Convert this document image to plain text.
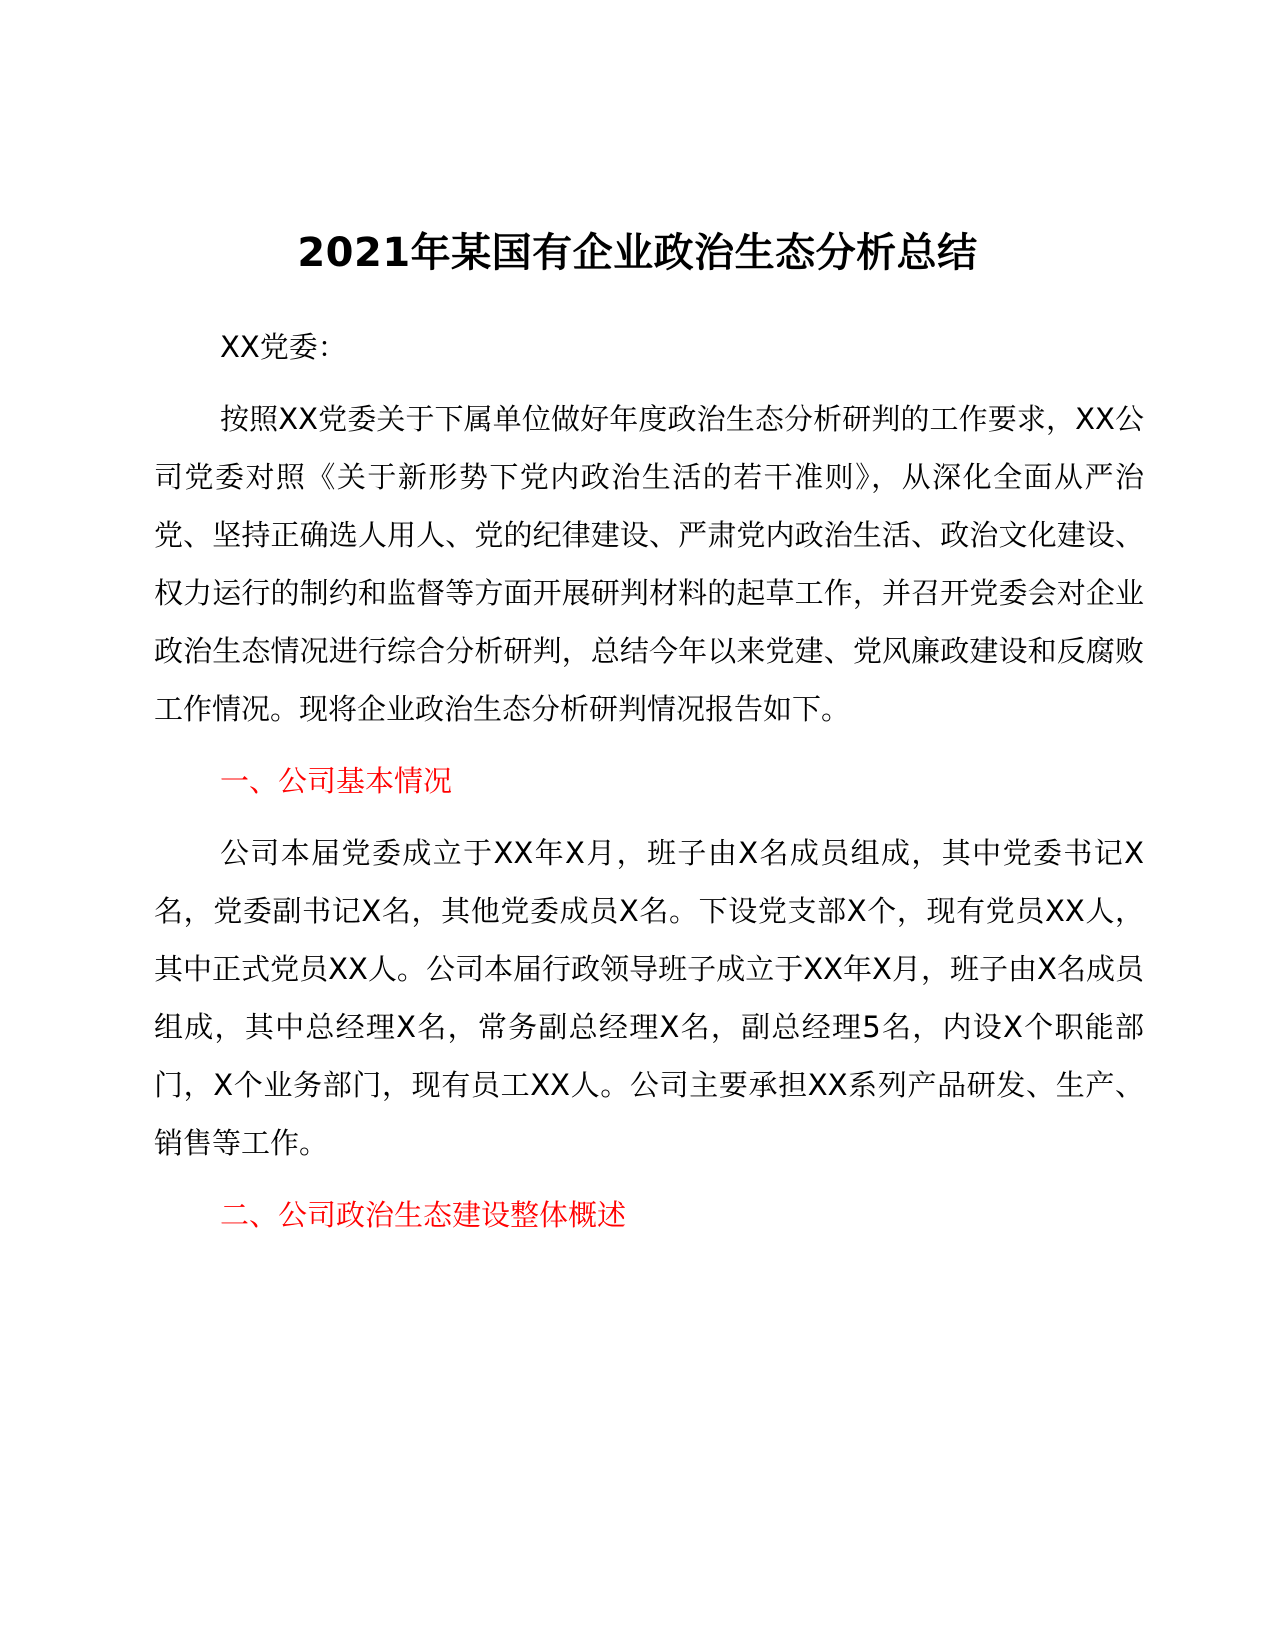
2021年某国有企业政治生态分析总结

XX党委：

按照XX党委关于下属单位做好年度政治生态分析研判的工作要求，XX公司党委对照《关于新形势下党内政治生活的若干准则》，从深化全面从严治党、坚持正确选人用人、党的纪律建设、严肃党内政治生活、政治文化建设、权力运行的制约和监督等方面开展研判材料的起草工作，并召开党委会对企业政治生态情况进行综合分析研判，总结今年以来党建、党风廉政建设和反腐败工作情况。现将企业政治生态分析研判情况报告如下。

一、公司基本情况

公司本届党委成立于XX年X月，班子由X名成员组成，其中党委书记X名，党委副书记X名，其他党委成员X名。下设党支部X个，现有党员XX人，其中正式党员XX人。公司本届行政领导班子成立于XX年X月，班子由X名成员组成，其中总经理X名，常务副总经理X名，副总经理5名，内设X个职能部门，X个业务部门，现有员工XX人。公司主要承担XX系列产品研发、生产、销售等工作。

二、公司政治生态建设整体概述
